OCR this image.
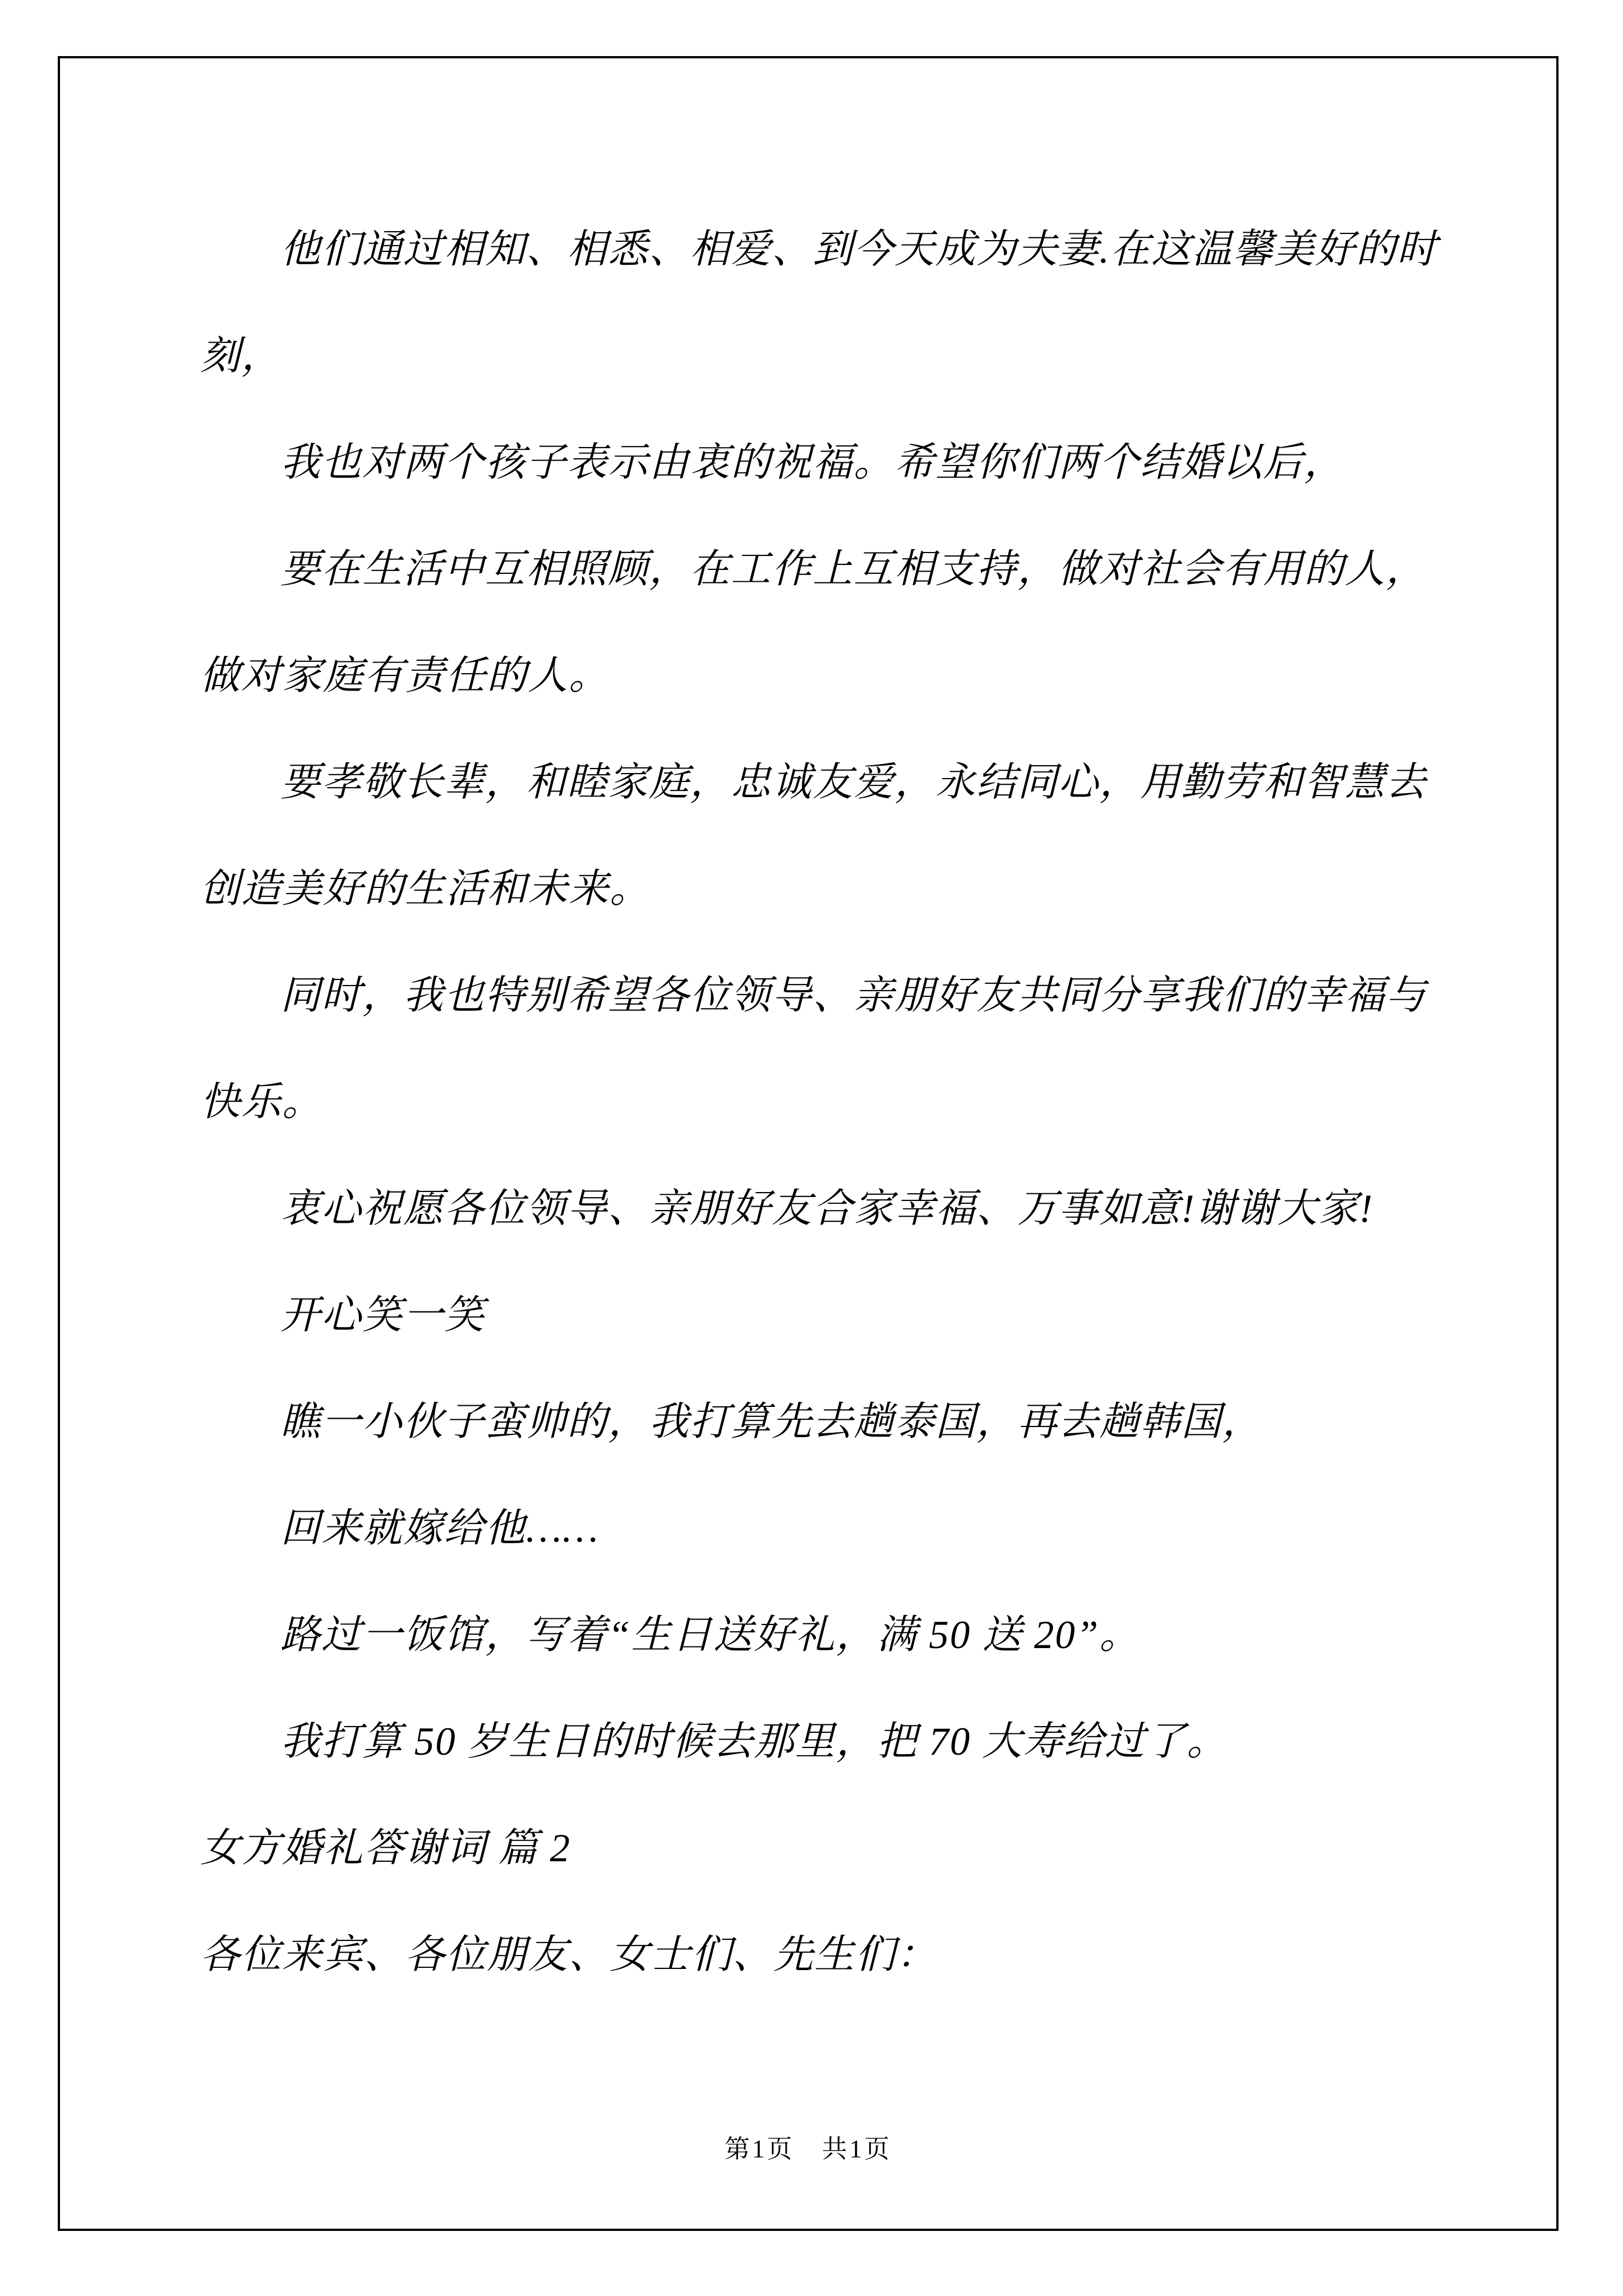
他们通过相知、相悉、相爱、到今天成为夫妻.在这温馨美好的时
刻，
我也对两个孩子表示由衷的祝福。希望你们两个结婚以后，
要在生活中互相照顾，在工作上互相支持，做对社会有用的人，
做对家庭有责任的人。
要孝敬长辈，和睦家庭，忠诚友爱，永结同心，用勤劳和智慧去
创造美好的生活和未来。
同时，我也特别希望各位领导、亲朋好友共同分享我们的幸福与
快乐。
衷心祝愿各位领导、亲朋好友合家幸福、万事如意!谢谢大家!
开心笑一笑
瞧一小伙子蛮帅的，我打算先去趟泰国，再去趟韩国，
回来就嫁给他……
路过一饭馆，写着“生日送好礼，满 50 送 20”。
我打算 50 岁生日的时候去那里，把 70 大寿给过了。
女方婚礼答谢词 篇 2
各位来宾、各位朋友、女士们、先生们：
第1页　共1页
